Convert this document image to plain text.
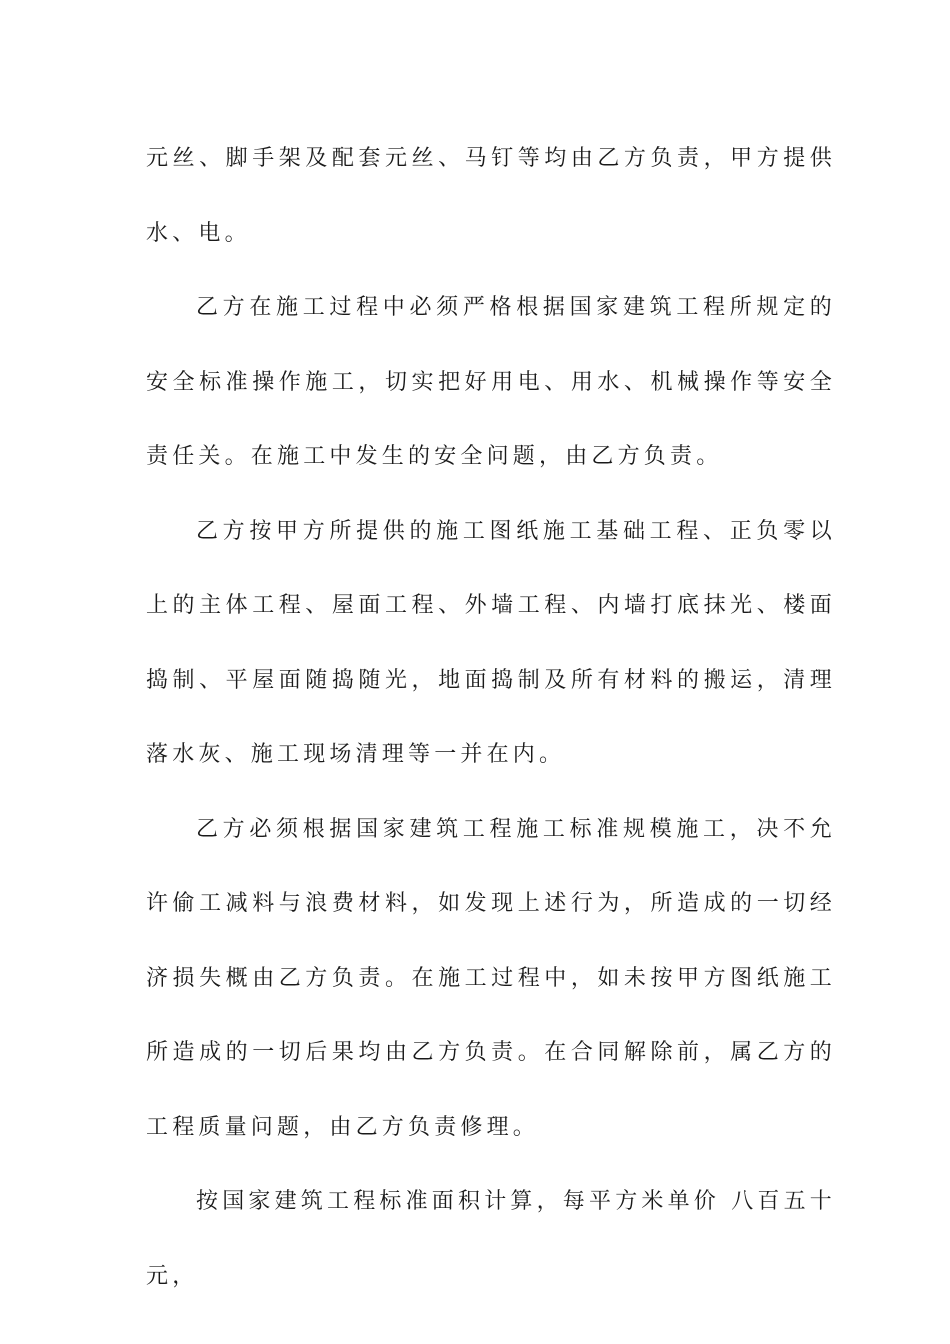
元丝、脚手架及配套元丝、马钉等均由乙方负责，甲方提供水、电。

乙方在施工过程中必须严格根据国家建筑工程所规定的安全标准操作施工，切实把好用电、用水、机械操作等安全责任关。在施工中发生的安全问题，由乙方负责。

乙方按甲方所提供的施工图纸施工基础工程、正负零以上的主体工程、屋面工程、外墙工程、内墙打底抹光、楼面捣制、平屋面随捣随光，地面捣制及所有材料的搬运，清理落水灰、施工现场清理等一并在内。

乙方必须根据国家建筑工程施工标准规模施工，决不允许偷工减料与浪费材料，如发现上述行为，所造成的一切经济损失概由乙方负责。在施工过程中，如未按甲方图纸施工所造成的一切后果均由乙方负责。在合同解除前，属乙方的工程质量问题，由乙方负责修理。

按国家建筑工程标准面积计算，每平方米单价 八百五十元，
